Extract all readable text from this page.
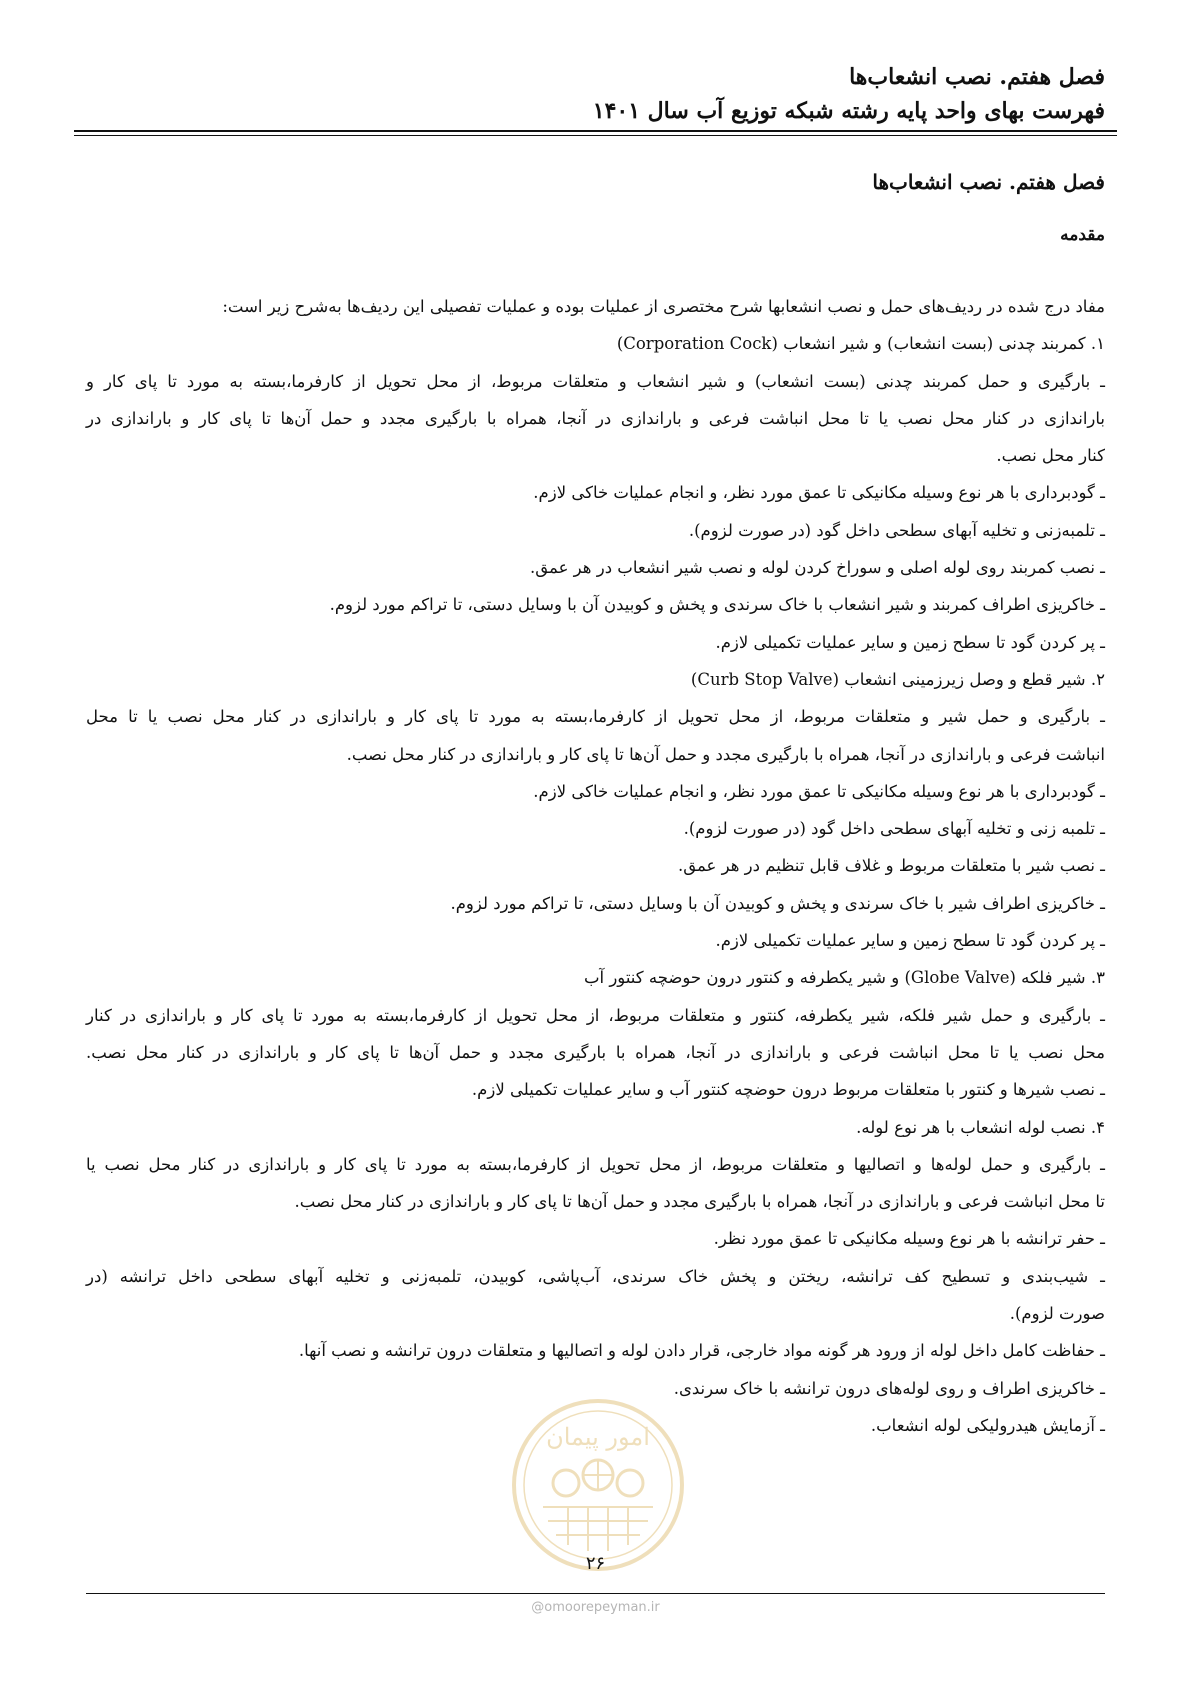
فصل هفتم. نصب انشعاب‌ها
فهرست بهای واحد پایه رشته شبکه توزیع آب سال ۱۴۰۱
فصل هفتم. نصب انشعاب‌ها
مقدمه
مفاد درج شده در ردیف‌های حمل و نصب انشعابها شرح مختصری از عملیات بوده و عملیات تفصیلی این ردیف‌ها به‌شرح زیر است:
۱. کمربند چدنی (بست انشعاب) و شیر انشعاب (Corporation Cock)
ـ بارگیری و حمل کمربند چدنی (بست انشعاب) و شیر انشعاب و متعلقات مربوط، از محل تحویل از کارفرما،بسته به مورد تا پای کار و
باراندازی در کنار محل نصب یا تا محل انباشت فرعی و باراندازی در آنجا، همراه با بارگیری مجدد و حمل آن‌ها تا پای کار و باراندازی در
کنار محل نصب.
ـ گودبرداری با هر نوع وسیله مکانیکی تا عمق مورد نظر، و انجام عملیات خاکی لازم.
ـ تلمبه‌زنی و تخلیه آبهای سطحی داخل گود (در صورت لزوم).
ـ نصب کمربند روی لوله اصلی و سوراخ کردن لوله و نصب شیر انشعاب در هر عمق.
ـ خاکریزی اطراف کمربند و شیر انشعاب با خاک سرندی و پخش و کوبیدن آن با وسایل دستی، تا تراکم مورد لزوم.
ـ پر کردن گود تا سطح زمین و سایر عملیات تکمیلی لازم.
۲. شیر قطع و وصل زیرزمینی انشعاب (Curb Stop Valve)
ـ بارگیری و حمل شیر و متعلقات مربوط، از محل تحویل از کارفرما،بسته به مورد تا پای کار و باراندازی در کنار محل نصب یا تا محل
انباشت فرعی و باراندازی در آنجا، همراه با بارگیری مجدد و حمل آن‌ها تا پای کار و باراندازی در کنار محل نصب.
ـ گودبرداری با هر نوع وسیله مکانیکی تا عمق مورد نظر، و انجام عملیات خاکی لازم.
ـ تلمبه زنی و تخلیه آبهای سطحی داخل گود (در صورت لزوم).
ـ نصب شیر با متعلقات مربوط و غلاف قابل تنظیم در هر عمق.
ـ خاکریزی اطراف شیر با خاک سرندی و پخش و کوبیدن آن با وسایل دستی، تا تراکم مورد لزوم.
ـ پر کردن گود تا سطح زمین و سایر عملیات تکمیلی لازم.
۳. شیر فلکه (Globe Valve) و شیر یکطرفه و کنتور درون حوضچه کنتور آب
ـ بارگیری و حمل شیر فلکه، شیر یکطرفه، کنتور و متعلقات مربوط، از محل تحویل از کارفرما،بسته به مورد تا پای کار و باراندازی در کنار
محل نصب یا تا محل انباشت فرعی و باراندازی در آنجا، همراه با بارگیری مجدد و حمل آن‌ها تا پای کار و باراندازی در کنار محل نصب.
ـ نصب شیرها و کنتور با متعلقات مربوط درون حوضچه کنتور آب و سایر عملیات تکمیلی لازم.
۴. نصب لوله انشعاب با هر نوع لوله.
ـ بارگیری و حمل لوله‌ها و اتصالیها و متعلقات مربوط، از محل تحویل از کارفرما،بسته به مورد تا پای کار و باراندازی در کنار محل نصب یا
تا محل انباشت فرعی و باراندازی در آنجا، همراه با بارگیری مجدد و حمل آن‌ها تا پای کار و باراندازی در کنار محل نصب.
ـ حفر ترانشه با هر نوع وسیله مکانیکی تا عمق مورد نظر.
ـ شیب‌بندی و تسطیح کف ترانشه، ریختن و پخش خاک سرندی، آب‌پاشی، کوبیدن، تلمبه‌زنی و تخلیه آبهای سطحی داخل ترانشه (در
صورت لزوم).
ـ حفاظت کامل داخل لوله از ورود هر گونه مواد خارجی، قرار دادن لوله و اتصالیها و متعلقات درون ترانشه و نصب آنها.
ـ خاکریزی اطراف و روی لوله‌های درون ترانشه با خاک سرندی.
ـ آزمایش هیدرولیکی لوله انشعاب.
امور پیمان
۲۶
@omoorepeyman.ir
